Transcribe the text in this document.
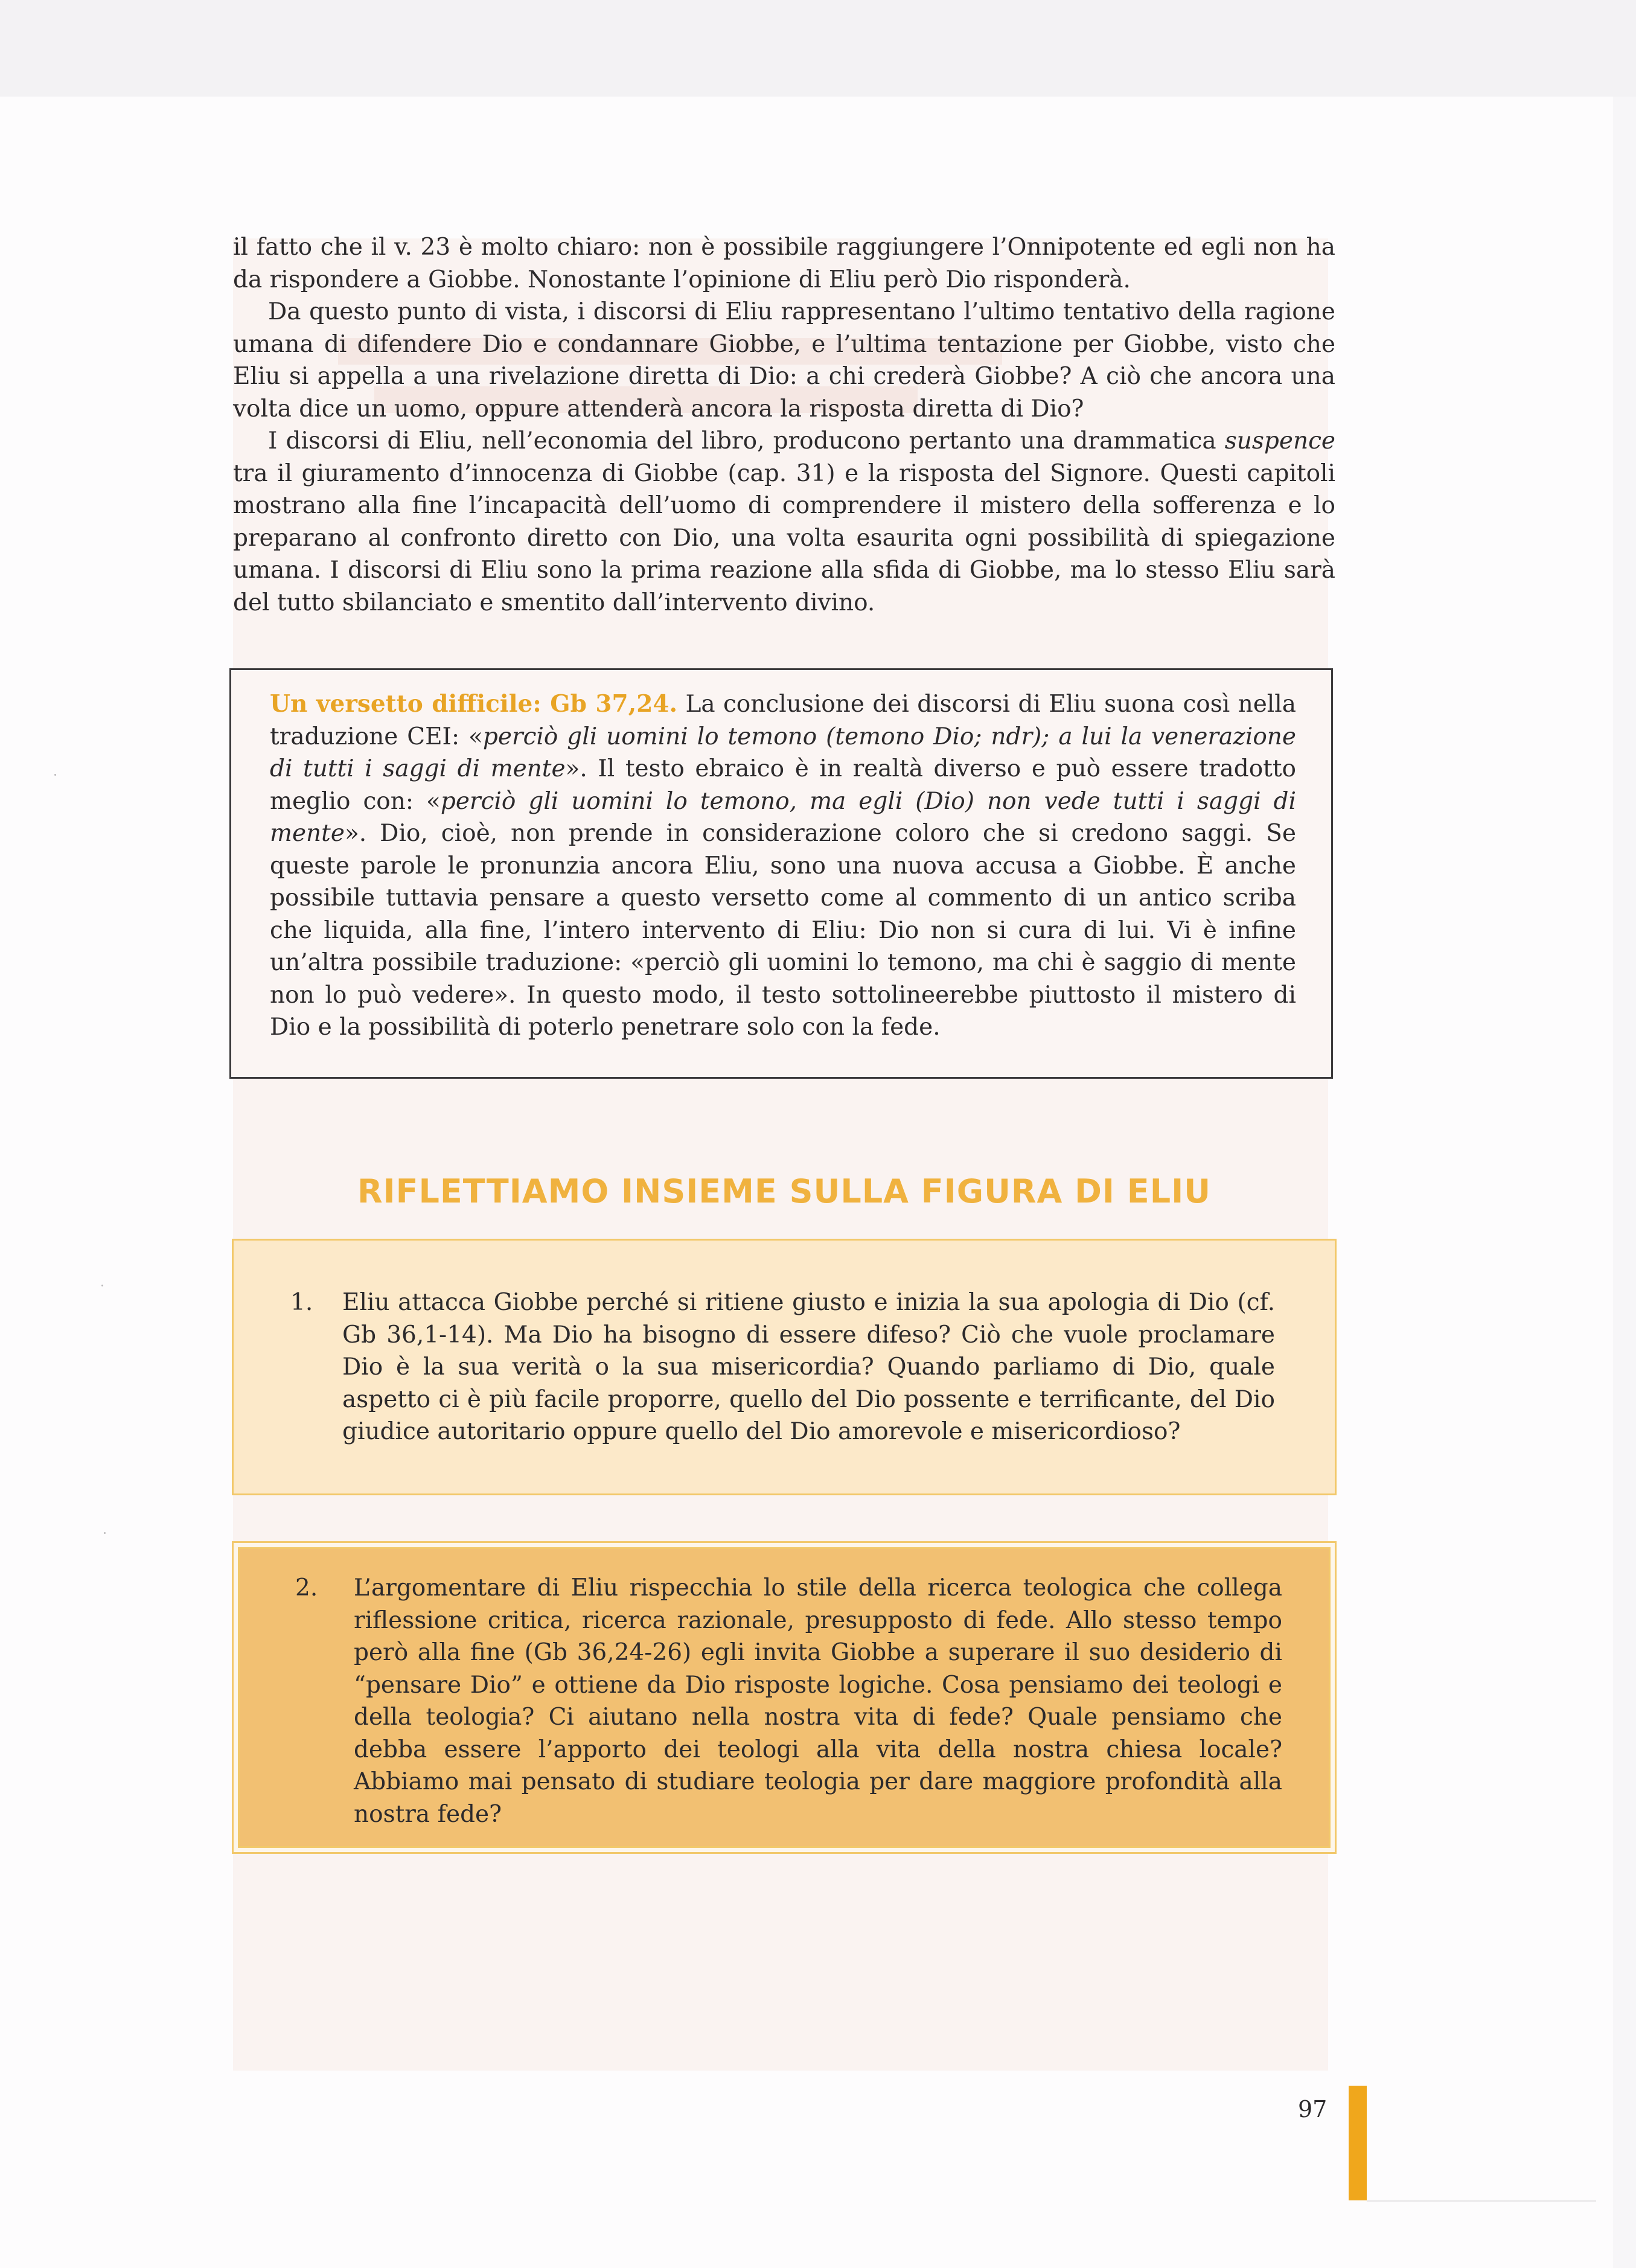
il fatto che il v. 23 è molto chiaro: non è possibile raggiungere l’Onnipotente ed egli non ha da rispondere a Giobbe. Nonostante l’opinione di Eliu però Dio risponderà.

Da questo punto di vista, i discorsi di Eliu rappresentano l’ultimo tentativo della ragione umana di difendere Dio e condannare Giobbe, e l’ultima tentazione per Giobbe, visto che Eliu si appella a una rivelazione diretta di Dio: a chi crederà Giobbe? A ciò che ancora una volta dice un uomo, oppure attenderà ancora la risposta diretta di Dio?

I discorsi di Eliu, nell’economia del libro, producono pertanto una drammatica suspence tra il giuramento d’innocenza di Giobbe (cap. 31) e la risposta del Signore. Questi capitoli mostrano alla fine l’incapacità dell’uomo di comprendere il mistero della sofferenza e lo preparano al confronto diretto con Dio, una volta esaurita ogni possibilità di spiegazione umana. I discorsi di Eliu sono la prima reazione alla sfida di Giobbe, ma lo stesso Eliu sarà del tutto sbilanciato e smentito dall’intervento divino.

Un versetto difficile: Gb 37,24. La conclusione dei discorsi di Eliu suona così nella traduzione CEI: «perciò gli uomini lo temono (temono Dio; ndr); a lui la venerazione di tutti i saggi di mente». Il testo ebraico è in realtà diverso e può essere tradotto meglio con: «perciò gli uomini lo temono, ma egli (Dio) non vede tutti i saggi di mente». Dio, cioè, non prende in considerazione coloro che si credono saggi. Se queste parole le pronunzia ancora Eliu, sono una nuova accusa a Giobbe. È anche possibile tuttavia pensare a questo versetto come al commento di un antico scriba che liquida, alla fine, l’intero intervento di Eliu: Dio non si cura di lui. Vi è infine un’altra possibile traduzione: «perciò gli uomini lo temono, ma chi è saggio di mente non lo può vedere». In questo modo, il testo sottolineerebbe piuttosto il mistero di Dio e la possibilità di poterlo penetrare solo con la fede.
RIFLETTIAMO INSIEME SULLA FIGURA DI ELIU
1. Eliu attacca Giobbe perché si ritiene giusto e inizia la sua apologia di Dio (cf. Gb 36,1-14). Ma Dio ha bisogno di essere difeso? Ciò che vuole proclamare Dio è la sua verità o la sua misericordia? Quando parliamo di Dio, quale aspetto ci è più facile proporre, quello del Dio possente e terrificante, del Dio giudice autoritario oppure quello del Dio amorevole e misericordioso?
2. L’argomentare di Eliu rispecchia lo stile della ricerca teologica che collega riflessione critica, ricerca razionale, presupposto di fede. Allo stesso tempo però alla fine (Gb 36,24-26) egli invita Giobbe a superare il suo desiderio di “pensare Dio” e ottiene da Dio risposte logiche. Cosa pensiamo dei teologi e della teologia? Ci aiutano nella nostra vita di fede? Quale pensiamo che debba essere l’apporto dei teologi alla vita della nostra chiesa locale? Abbiamo mai pensato di studiare teologia per dare maggiore profondità alla nostra fede?
97
